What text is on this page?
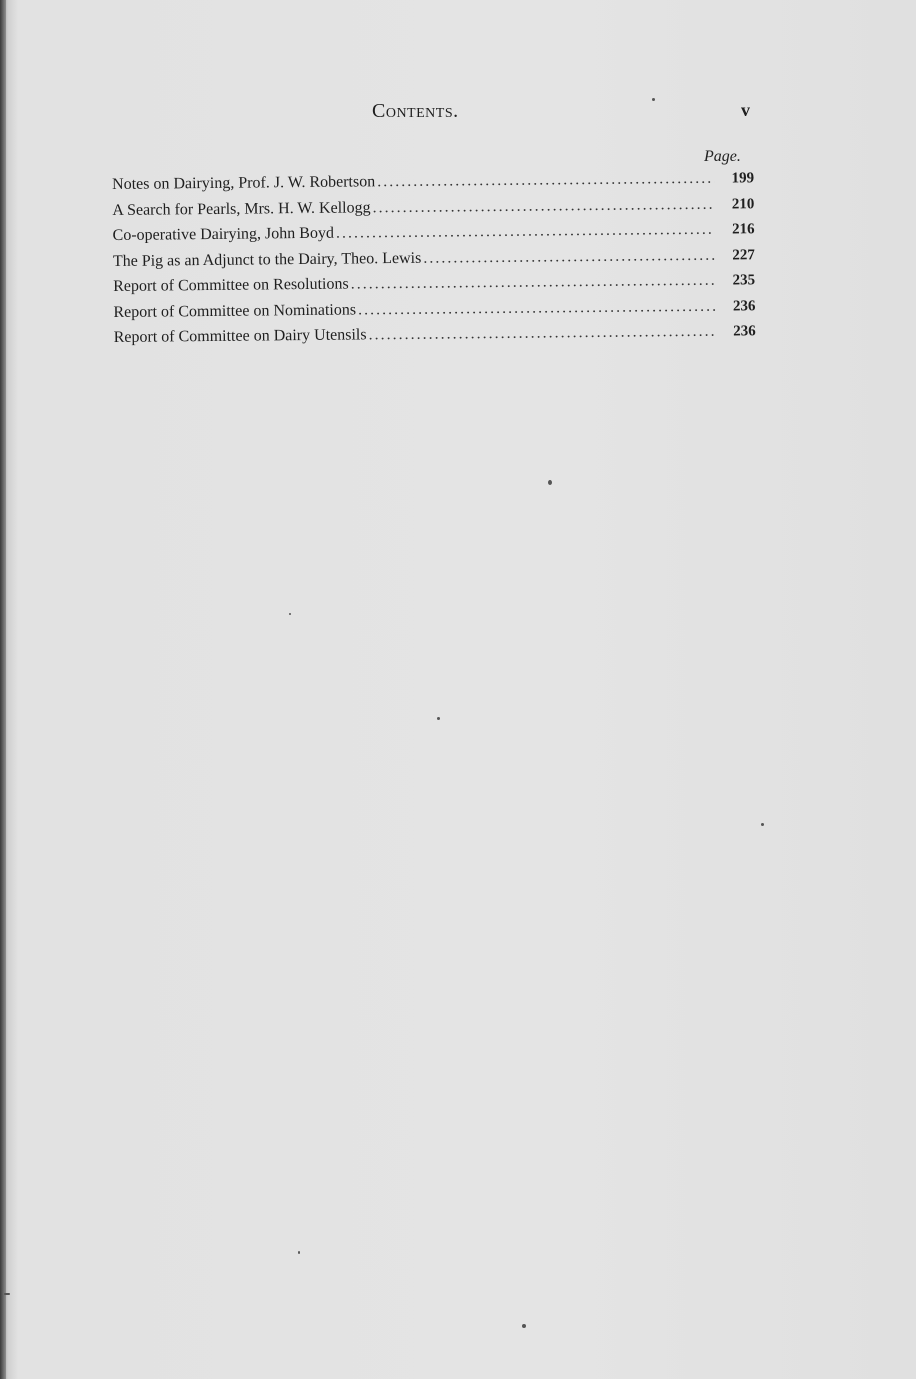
Contents.	v
Page.
Notes on Dairying, Prof. J. W. Robertson .....	199
A Search for Pearls, Mrs. H. W. Kellogg .....	210
Co-operative Dairying, John Boyd .....	216
The Pig as an Adjunct to the Dairy, Theo. Lewis .....	227
Report of Committee on Resolutions .....	235
Report of Committee on Nominations .....	236
Report of Committee on Dairy Utensils .....	236
